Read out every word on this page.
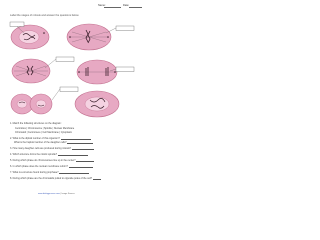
Name:	Date:
Label the stages of mitosis and answer the questions below.
1. Match the following structures on the diagram:
Centrioles | Chromosome | Spindle | Nuclear Membrane
Chromatid | Centromere | Cell Membrane | Cytoplasm
2. What is the diploid number of this organism?
What is the haploid number of the daughter cells?
3. How many daughter cells are produced during mitosis?
4. Which structure forms the mitotic spindle?
5. During which phase do chromosomes line up in the center?
6. In which phase does the nuclear membrane reform?
7. What is a structure found during prophase?
8. During which phase are the chromatids pulled to opposite poles of the cell?
www.biologycorner.com | Image Source:
